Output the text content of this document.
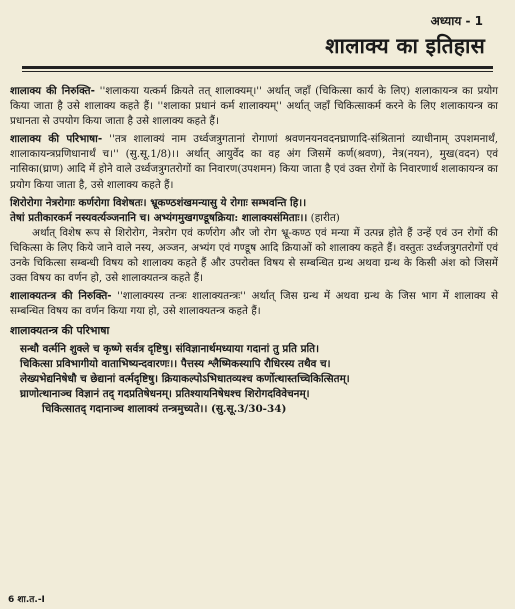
अध्याय - 1
शालाक्य का इतिहास

शालाक्य की निरुक्ति- ''शलाकया यत्कर्म क्रियते तत् शालाक्यम्।'' अर्थात् जहाँ (चिकित्सा कार्य के लिए) शलाकायन्त्र का प्रयोग किया जाता है उसे शालाक्य कहते हैं। ''शलाका प्रधानं कर्म शालाक्यम्'' अर्थात् जहाँ चिकित्साकर्म करने के लिए शलाकायन्त्र का प्रधानता से उपयोग किया जाता है उसे शालाक्य कहते हैं।

शालाक्य की परिभाषा- ''तत्र शालाक्यं नाम उर्ध्वजत्रुगतानां रोगाणां श्रवणनयनवदनघ्राणादि-संश्रितानां व्याधीनाम् उपशमनार्थं, शालाकायन्त्रप्रणिधानार्थं च।'' (सु.सू.1/8)।। अर्थात् आयुर्वेद का वह अंग जिसमें कर्ण(श्रवण), नेत्र(नयन), मुख(वदन) एवं नासिका(घ्राण) आदि में होने वाले उर्ध्वजत्रुगतरोगों का निवारण(उपशमन) किया जाता है एवं उक्त रोगों के निवारणार्थ शलाकायन्त्र का प्रयोग किया जाता है, उसे शालाक्य कहते हैं।

शिरोरोगा नेत्ररोगाः कर्णरोगा विशेषतः। भ्रूकण्ठशंखमन्यासु ये रोगाः सम्भवन्ति हि।।
तेषां प्रतीकारकर्म नस्यवर्त्यञ्जनानि च। अभ्यंगमुखगण्डूषक्रिया: शालाक्यसंमिताः।। (हारीत)

अर्थात् विशेष रूप से शिरोरोग, नेत्ररोग एवं कर्णरोग और जो रोग भ्रू-कण्ठ एवं मन्या में उत्पन्न होते हैं उन्हें एवं उन रोगों की चिकित्सा के लिए किये जाने वाले नस्य, अञ्जन, अभ्यंग एवं गण्डूष आदि क्रियाओं को शालाक्य कहते हैं। वस्तुतः उर्ध्वजत्रुगतरोगों एवं उनके चिकित्सा सम्बन्धी विषय को शालाक्य कहते हैं और उपरोक्त विषय से सम्बन्धित ग्रन्थ अथवा ग्रन्थ के किसी अंश को जिसमें उक्त विषय का वर्णन हो, उसे शालाक्यतन्त्र कहते हैं।

शालाक्यतन्त्र की निरुक्ति- ''शालाक्यस्य तन्त्रः शालाक्यतन्त्रः'' अर्थात् जिस ग्रन्थ में अथवा ग्रन्थ के जिस भाग में शालाक्य से सम्बन्धित विषय का वर्णन किया गया हो, उसे शालाक्यतन्त्र कहते हैं।

शालाक्यतन्त्र की परिभाषा
सन्धौ वर्त्मनि शुक्ले च कृष्णे सर्वत्र दृष्टिषु। संविज्ञानार्थमध्याया गदानां तु प्रति प्रति।
चिकित्सा प्रविभागीयो वाताभिष्यन्दवारणः।। पैत्तस्य श्लैष्मिकस्यापि रौधिरस्य तथैव च।
लेख्यभेद्यनिषेधौ च छेद्यानां वर्त्मदृष्टिषु। क्रियाकल्पोऽभिधातव्यश्च कर्णोत्थास्तच्चिकित्सितम्।
घ्राणोत्थानाञ्च विज्ञानं तद् गदप्रतिषेधनम्। प्रतिश्यायनिषेधश्च शिरोगदविवेचनम्।
चिकित्सातद् गदानाञ्च शालाक्यं तन्त्रमुच्यते।। (सु.सू.3/30-34)
6 शा.त.-I
